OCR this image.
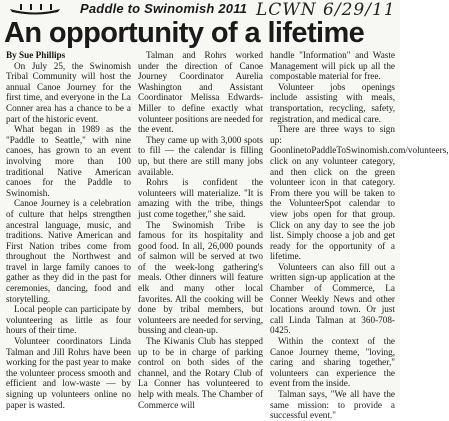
Paddle to Swinomish 2011 LCWN 6/29/11
An opportunity of a lifetime

By Sue Phillips

On July 25, the Swinomish Tribal Community will host the annual Canoe Journey for the first time, and everyone in the La Conner area has a chance to be a part of the historic event.

What began in 1989 as the "Paddle to Seattle," with nine canoes, has grown to an event involving more than 100 traditional Native American canoes for the Paddle to Swinomish.

Canoe Journey is a celebration of culture that helps strengthen ancestral language, music, and traditions. Native American and First Nation tribes come from throughout the Northwest and travel in large family canoes to gather as they did in the past for ceremonies, dancing, food and storytelling.

Local people can participate by volunteering as little as four hours of their time.

Volunteer coordinators Linda Talman and Jill Rohrs have been working for the past year to make the volunteer process smooth and efficient and low-waste — by signing up volunteers online no paper is wasted.

Talman and Rohrs worked under the direction of Canoe Journey Coordinator Aurelia Washington and Assistant Coordinator Melissa Edwards-Miller to define exactly what volunteer positions are needed for the event.

They came up with 3,000 spots to fill — the calendar is filling up, but there are still many jobs available.

Rohrs is confident the volunteers will materialize. "It is amazing with the tribe, things just come together," she said.

The Swinomish Tribe is famous for its hospitality and good food. In all, 26,000 pounds of salmon will be served at two of the week-long gathering's meals. Other dinners will feature elk and many other local favorites. All the cooking will be done by tribal members, but volunteers are needed for serving, bussing and clean-up.

The Kiwanis Club has stepped up to be in charge of parking control on both sides of the channel, and the Rotary Club of La Conner has volunteered to help with meals. The Chamber of Commerce will

handle "Information" and Waste Management will pick up all the compostable material for free.

Volunteer jobs openings include assisting with meals, transportation, recycling, safety, registration, and medical care.

There are three ways to sign up: GoonlinetoPaddleToSwinomish.com/volunteers, click on any volunteer category, and then click on the green volunteer icon in that category. From there you will be taken to the VolunteerSpot calendar to view jobs open for that group. Click on any day to see the job list. Simply choose a job and get ready for the opportunity of a lifetime.

Volunteers can also fill out a written sign-up application at the Chamber of Commerce, La Conner Weekly News and other locations around town. Or just call Linda Talman at 360-708-0425.

Within the context of the Canoe Journey theme, "loving, caring and sharing together," volunteers can experience the event from the inside.

Talman says, "We all have the same mission: to provide a successful event."
